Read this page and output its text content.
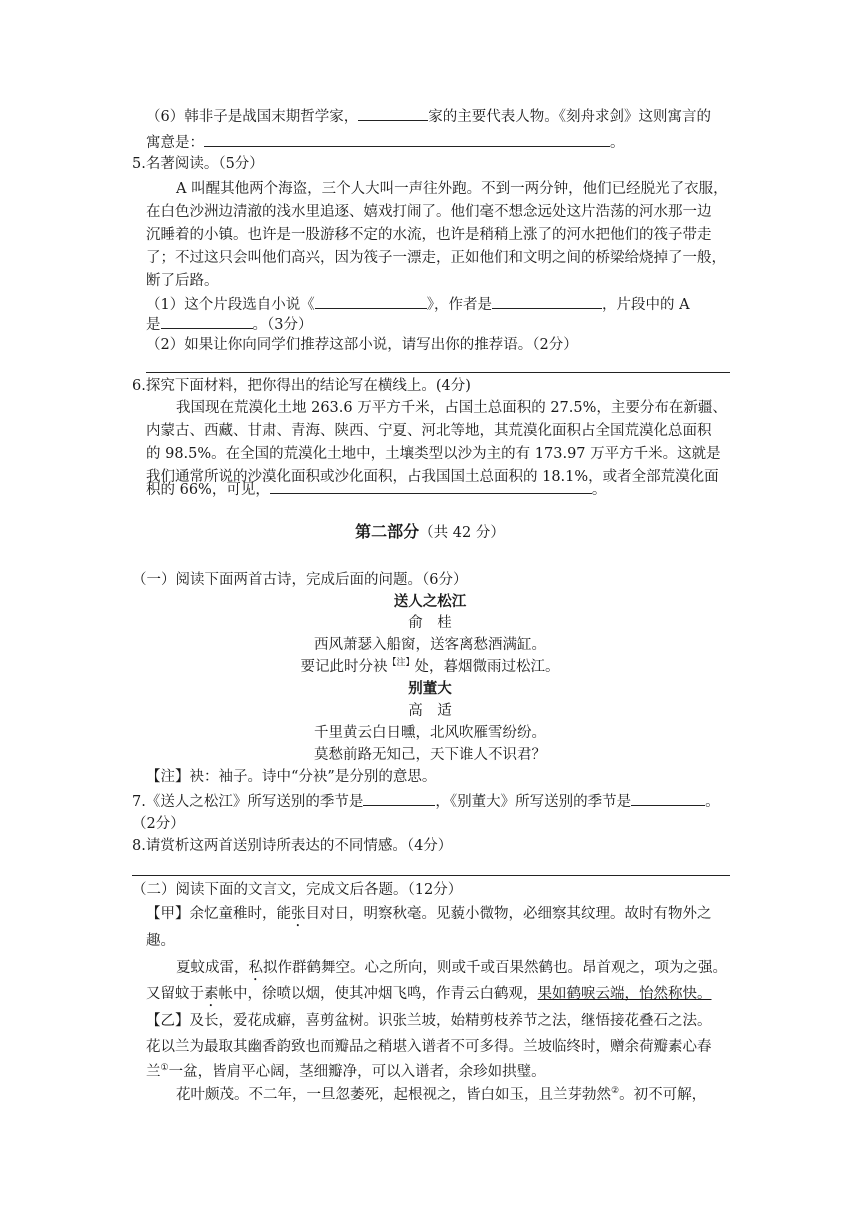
（6）韩非子是战国末期哲学家，	家的主要代表人物。《刻舟求剑》这则寓言的
寓意是：	。
5.名著阅读。（5分）
A 叫醒其他两个海盗，三个人大叫一声往外跑。不到一两分钟，他们已经脱光了衣服，
在白色沙洲边清澈的浅水里追逐、嬉戏打闹了。他们毫不想念远处这片浩荡的河水那一边
沉睡着的小镇。也许是一股游移不定的水流，也许是稍稍上涨了的河水把他们的筏子带走
了；不过这只会叫他们高兴，因为筏子一漂走，正如他们和文明之间的桥梁给烧掉了一般，
断了后路。
（1）这个片段选自小说《	》，作者是	，片段中的 A
是	。（3分）
（2）如果让你向同学们推荐这部小说，请写出你的推荐语。（2分）
6.探究下面材料，把你得出的结论写在横线上。(4分)
我国现在荒漠化土地 263.6 万平方千米，占国土总面积的 27.5%，主要分布在新疆、
内蒙古、西藏、甘肃、青海、陕西、宁夏、河北等地，其荒漠化面积占全国荒漠化总面积
的 98.5%。在全国的荒漠化土地中，土壤类型以沙为主的有 173.97 万平方千米。这就是
我们通常所说的沙漠化面积或沙化面积，占我国国土总面积的 18.1%，或者全部荒漠化面
积的 66%，可见，	。
第二部分（共 42 分）
（一）阅读下面两首古诗，完成后面的问题。（6分）
送人之松江
俞　桂
西风萧瑟入船窗，送客离愁酒满缸。
要记此时分袂$^{【注】}$处，暮烟微雨过松江。
别董大
高　适
千里黄云白日曛，北风吹雁雪纷纷。
莫愁前路无知己，天下谁人不识君？
【注】袂：袖子。诗中“分袂”是分别的意思。
7.《送人之松江》所写送别的季节是	，《别董大》所写送别的季节是	。
（2分）
8.请赏析这两首送别诗所表达的不同情感。（4分）
（二）阅读下面的文言文，完成文后各题。（12分）
【甲】余忆童稚时，能张目对日，明察秋毫。见藐小微物，必细察其纹理。故时有物外之
趣。
夏蚊成雷，私拟作群鹤舞空。心之所向，则或千或百果然鹤也。昂首观之，项为之强。
又留蚊于素帐中，徐喷以烟，使其冲烟飞鸣，作青云白鹤观，果如鹤唳云端，怡然称快。
【乙】及长，爱花成癖，喜剪盆树。识张兰坡，始精剪枝养节之法，继悟接花叠石之法。
花以兰为最取其幽香韵致也而瓣品之稍堪入谱者不可多得。兰坡临终时，赠余荷瓣素心春
兰①一盆，皆肩平心阔，茎细瓣净，可以入谱者，余珍如拱璧。
花叶颇茂。不二年，一旦忽萎死，起根视之，皆白如玉，且兰芽勃然②。初不可解，
